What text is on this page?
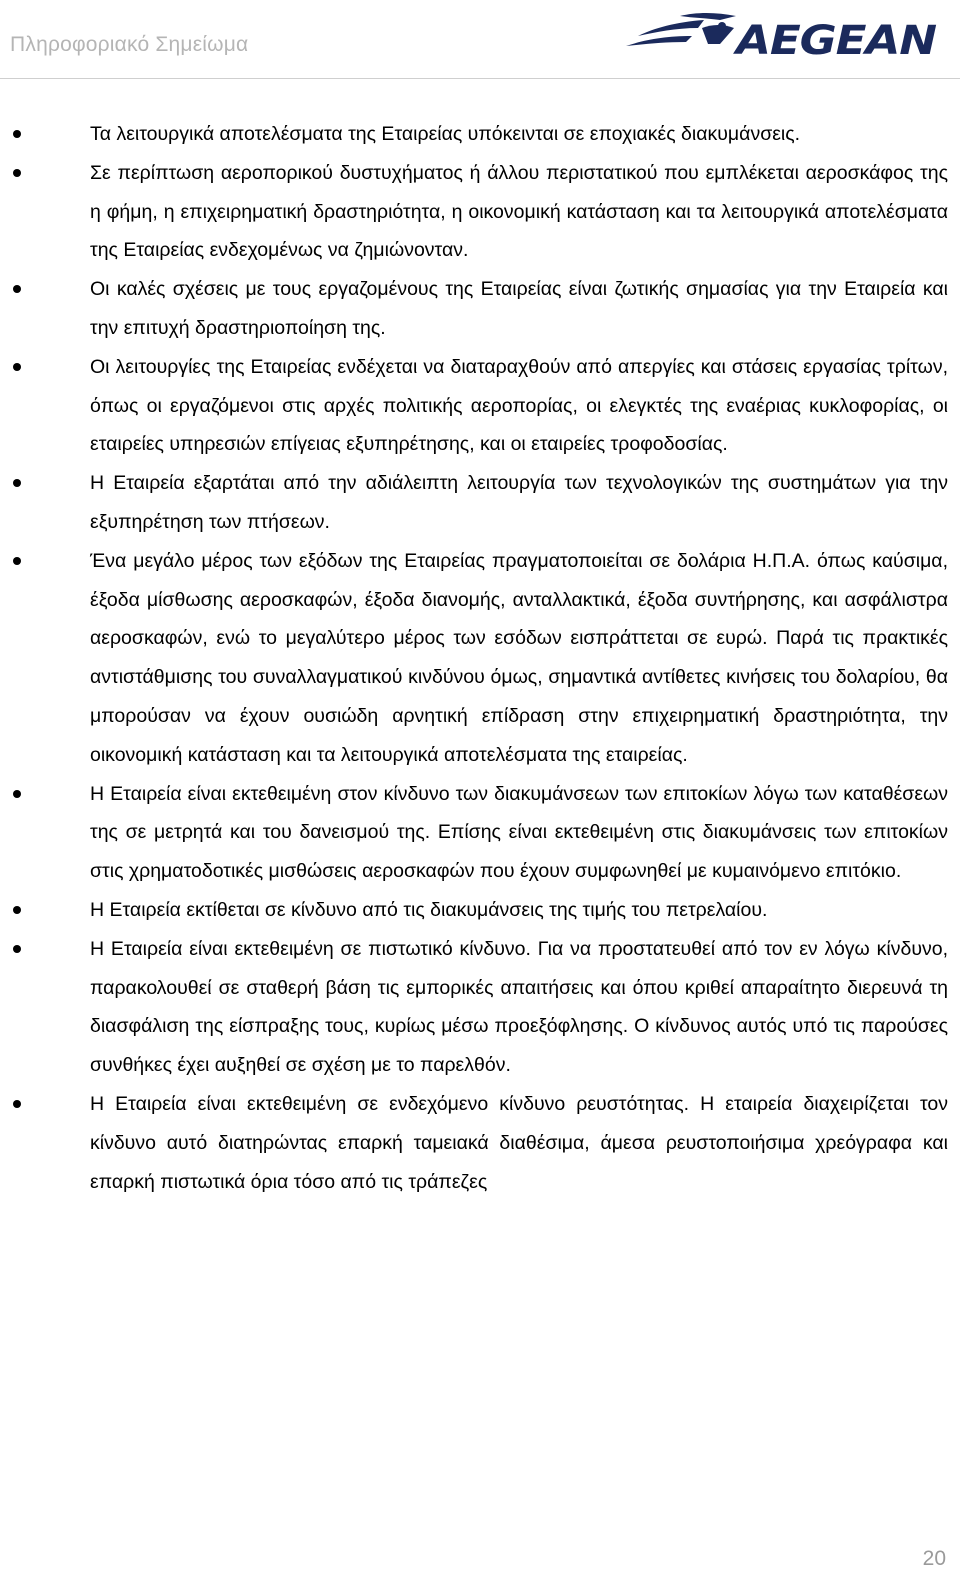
Πληροφοριακό Σημείωμα	AEGEAN
Τα λειτουργικά αποτελέσματα της Εταιρείας υπόκεινται σε εποχιακές διακυμάνσεις.
Σε περίπτωση αεροπορικού δυστυχήματος ή άλλου περιστατικού που εμπλέκεται αεροσκάφος της η φήμη, η επιχειρηματική δραστηριότητα, η οικονομική κατάσταση και τα λειτουργικά αποτελέσματα της Εταιρείας ενδεχομένως να ζημιώνονταν.
Οι καλές σχέσεις με τους εργαζομένους της Εταιρείας είναι ζωτικής σημασίας για την Εταιρεία και την επιτυχή δραστηριοποίηση της.
Οι λειτουργίες της Εταιρείας ενδέχεται να διαταραχθούν από απεργίες και στάσεις εργασίας τρίτων, όπως οι εργαζόμενοι στις αρχές πολιτικής αεροπορίας, οι ελεγκτές της εναέριας κυκλοφορίας, οι εταιρείες υπηρεσιών επίγειας εξυπηρέτησης, και οι εταιρείες τροφοδοσίας.
Η Εταιρεία εξαρτάται από την αδιάλειπτη λειτουργία των τεχνολογικών της συστημάτων για την εξυπηρέτηση των πτήσεων.
Ένα μεγάλο μέρος των εξόδων της Εταιρείας πραγματοποιείται σε δολάρια Η.Π.Α. όπως καύσιμα, έξοδα μίσθωσης αεροσκαφών, έξοδα διανομής, ανταλλακτικά, έξοδα συντήρησης, και ασφάλιστρα αεροσκαφών, ενώ το μεγαλύτερο μέρος των εσόδων εισπράττεται σε ευρώ. Παρά τις πρακτικές αντιστάθμισης του συναλλαγματικού κινδύνου όμως, σημαντικά αντίθετες κινήσεις του δολαρίου, θα μπορούσαν να έχουν ουσιώδη αρνητική επίδραση στην επιχειρηματική δραστηριότητα, την οικονομική κατάσταση και τα λειτουργικά αποτελέσματα της εταιρείας.
Η Εταιρεία είναι εκτεθειμένη στον κίνδυνο των διακυμάνσεων των επιτοκίων λόγω των καταθέσεων της σε μετρητά και του δανεισμού της. Επίσης είναι εκτεθειμένη στις διακυμάνσεις των επιτοκίων στις χρηματοδοτικές μισθώσεις αεροσκαφών που έχουν συμφωνηθεί με κυμαινόμενο επιτόκιο.
Η Εταιρεία εκτίθεται σε κίνδυνο από τις διακυμάνσεις της τιμής του πετρελαίου.
Η Εταιρεία είναι εκτεθειμένη σε πιστωτικό κίνδυνο. Για να προστατευθεί από τον εν λόγω κίνδυνο, παρακολουθεί σε σταθερή βάση τις εμπορικές απαιτήσεις και όπου κριθεί απαραίτητο διερευνά τη διασφάλιση της είσπραξης τους, κυρίως μέσω προεξόφλησης. Ο κίνδυνος αυτός υπό τις παρούσες συνθήκες έχει αυξηθεί σε σχέση με το παρελθόν.
Η Εταιρεία είναι εκτεθειμένη σε ενδεχόμενο κίνδυνο ρευστότητας. Η εταιρεία διαχειρίζεται τον κίνδυνο αυτό διατηρώντας επαρκή ταμειακά διαθέσιμα, άμεσα ρευστοποιήσιμα χρεόγραφα και επαρκή πιστωτικά όρια τόσο από τις τράπεζες
20
